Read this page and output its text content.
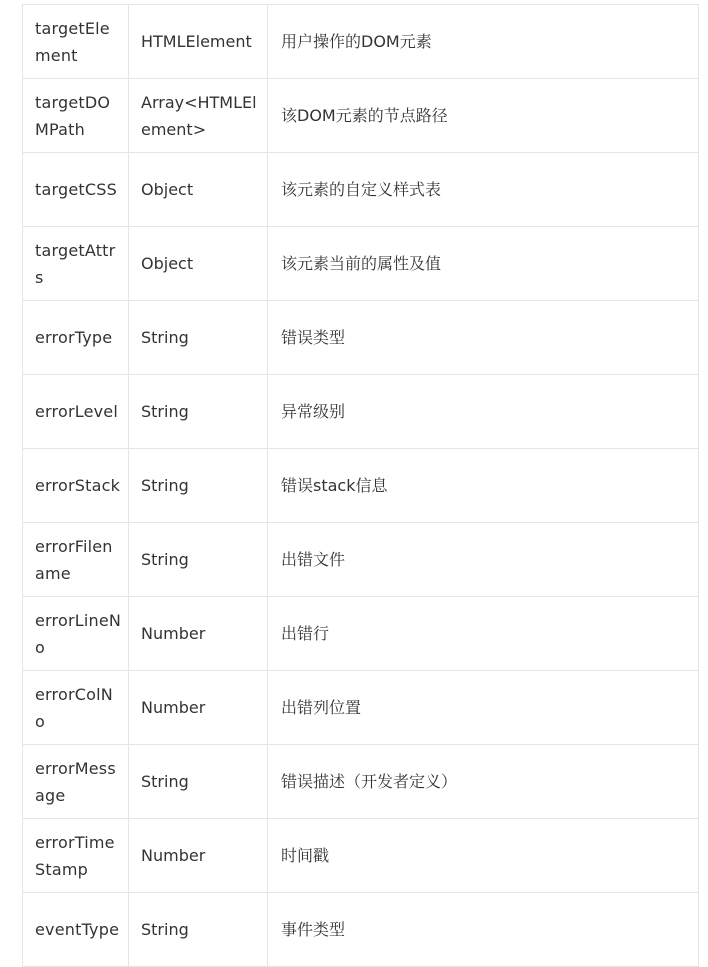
targetElement	HTMLElement	用户操作的DOM元素
targetDOMPath	Array<HTMLElement>	该DOM元素的节点路径
targetCSS	Object	该元素的自定义样式表
targetAttrs	Object	该元素当前的属性及值
errorType	String	错误类型
errorLevel	String	异常级别
errorStack	String	错误stack信息
errorFilename	String	出错文件
errorLineNo	Number	出错行
errorColNo	Number	出错列位置
errorMessage	String	错误描述（开发者定义）
errorTimeStamp	Number	时间戳
eventType	String	事件类型
